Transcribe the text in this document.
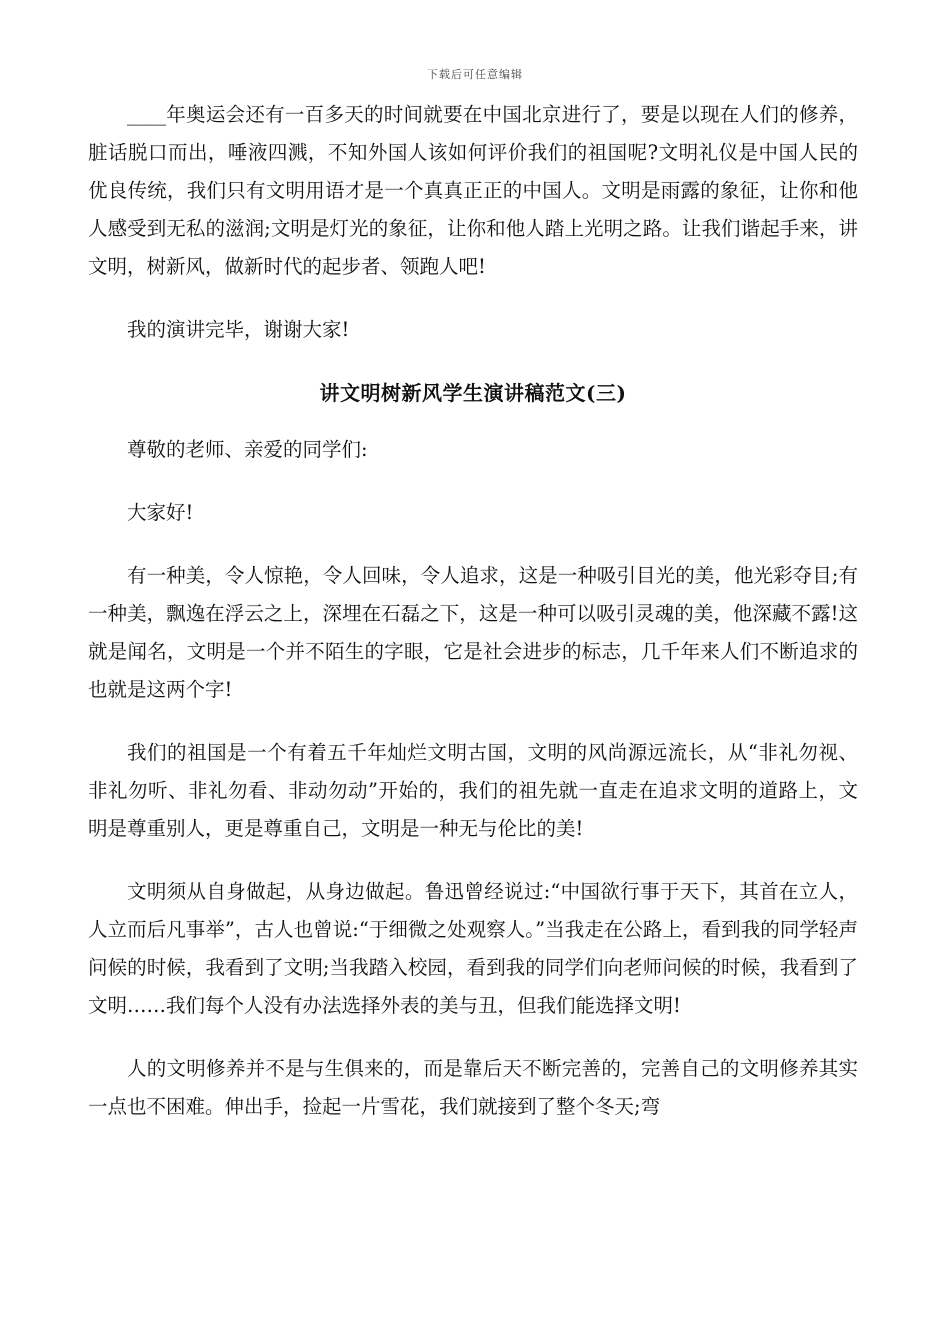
下载后可任意编辑

____年奥运会还有一百多天的时间就要在中国北京进行了，要是以现在人们的修养，脏话脱口而出，唾液四溅，不知外国人该如何评价我们的祖国呢?文明礼仪是中国人民的优良传统，我们只有文明用语才是一个真真正正的中国人。文明是雨露的象征，让你和他人感受到无私的滋润;文明是灯光的象征，让你和他人踏上光明之路。让我们谐起手来，讲文明，树新风，做新时代的起步者、领跑人吧!

我的演讲完毕，谢谢大家!

讲文明树新风学生演讲稿范文(三)

尊敬的老师、亲爱的同学们:

大家好!

有一种美，令人惊艳，令人回味，令人追求，这是一种吸引目光的美，他光彩夺目;有一种美，飘逸在浮云之上，深埋在石磊之下，这是一种可以吸引灵魂的美，他深藏不露!这就是闻名，文明是一个并不陌生的字眼，它是社会进步的标志，几千年来人们不断追求的也就是这两个字!

我们的祖国是一个有着五千年灿烂文明古国，文明的风尚源远流长，从“非礼勿视、非礼勿听、非礼勿看、非动勿动”开始的，我们的祖先就一直走在追求文明的道路上，文明是尊重别人，更是尊重自己，文明是一种无与伦比的美!

文明须从自身做起，从身边做起。鲁迅曾经说过:“中国欲行事于天下，其首在立人，人立而后凡事举”，古人也曾说:“于细微之处观察人。”当我走在公路上，看到我的同学轻声问候的时候，我看到了文明;当我踏入校园，看到我的同学们向老师问候的时候，我看到了文明……我们每个人没有办法选择外表的美与丑，但我们能选择文明!

人的文明修养并不是与生俱来的，而是靠后天不断完善的，完善自己的文明修养其实一点也不困难。伸出手，捡起一片雪花，我们就接到了整个冬天;弯
